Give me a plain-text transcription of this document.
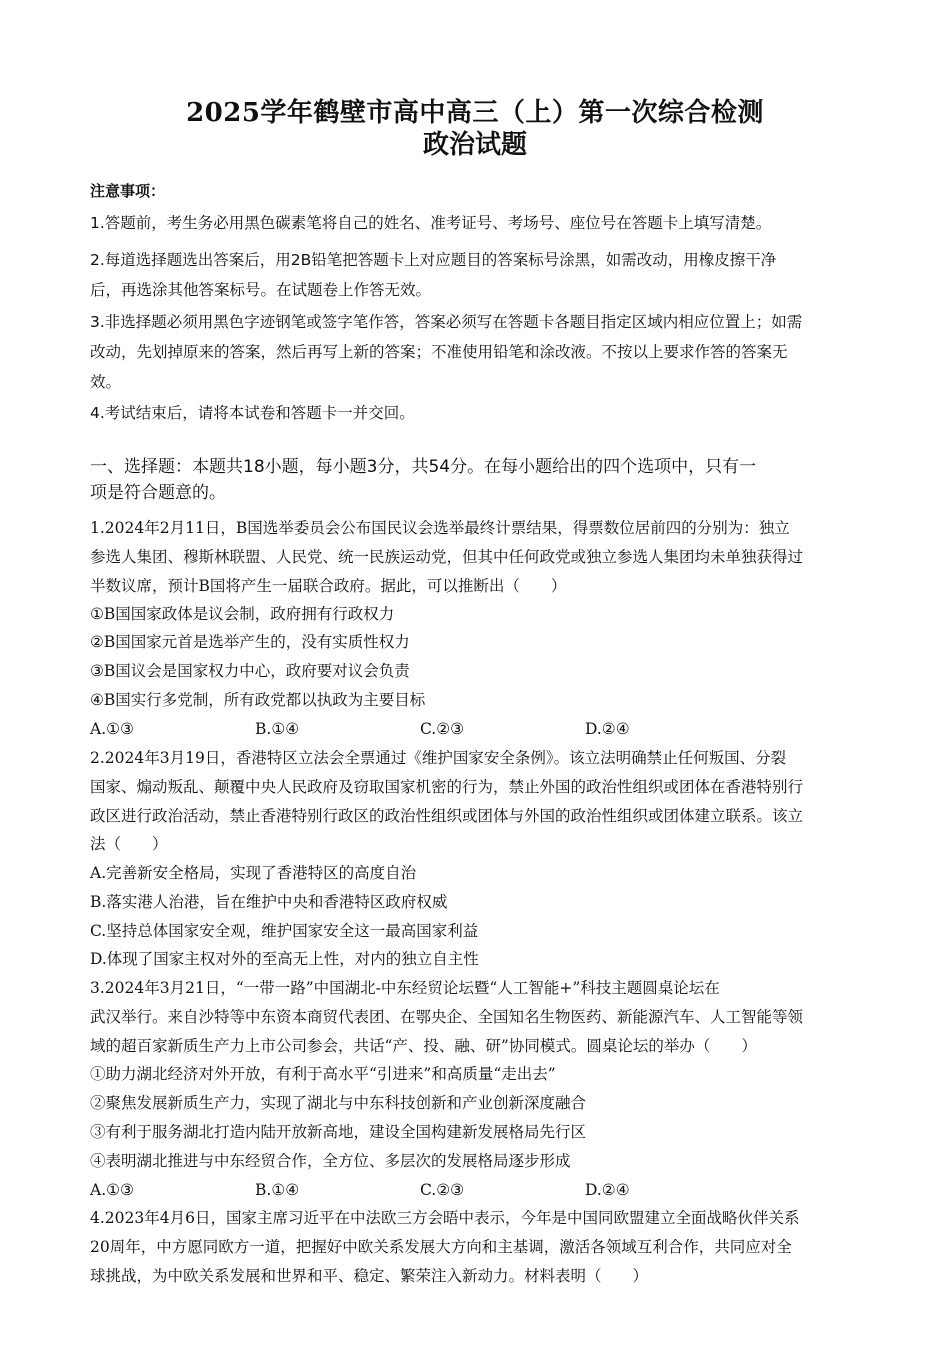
2025学年鹤壁市高中高三（上）第一次综合检测
政治试题
注意事项：
1.答题前，考生务必用黑色碳素笔将自己的姓名、准考证号、考场号、座位号在答题卡上填写清楚。
2.每道选择题选出答案后，用2B铅笔把答题卡上对应题目的答案标号涂黑，如需改动，用橡皮擦干净
后，再选涂其他答案标号。在试题卷上作答无效。
3.非选择题必须用黑色字迹钢笔或签字笔作答，答案必须写在答题卡各题目指定区域内相应位置上；如需
改动，先划掉原来的答案，然后再写上新的答案；不准使用铅笔和涂改液。不按以上要求作答的答案无
效。
4.考试结束后，请将本试卷和答题卡一并交回。
一、选择题：本题共18小题，每小题3分，共54分。在每小题给出的四个选项中，只有一
项是符合题意的。
1.2024年2月11日，B国选举委员会公布国民议会选举最终计票结果，得票数位居前四的分别为：独立
参选人集团、穆斯林联盟、人民党、统一民族运动党，但其中任何政党或独立参选人集团均未单独获得过
半数议席，预计B国将产生一届联合政府。据此，可以推断出（　　）
①B国国家政体是议会制，政府拥有行政权力
②B国国家元首是选举产生的，没有实质性权力
③B国议会是国家权力中心，政府要对议会负责
④B国实行多党制，所有政党都以执政为主要目标
A.①③	B.①④	C.②③	D.②④
2.2024年3月19日，香港特区立法会全票通过《维护国家安全条例》。该立法明确禁止任何叛国、分裂
国家、煽动叛乱、颠覆中央人民政府及窃取国家机密的行为，禁止外国的政治性组织或团体在香港特别行
政区进行政治活动，禁止香港特别行政区的政治性组织或团体与外国的政治性组织或团体建立联系。该立
法（　　）
A.完善新安全格局，实现了香港特区的高度自治
B.落实港人治港，旨在维护中央和香港特区政府权威
C.坚持总体国家安全观，维护国家安全这一最高国家利益
D.体现了国家主权对外的至高无上性，对内的独立自主性
3.2024年3月21日，“一带一路”中国湖北-中东经贸论坛暨“人工智能+”科技主题圆桌论坛在
武汉举行。来自沙特等中东资本商贸代表团、在鄂央企、全国知名生物医药、新能源汽车、人工智能等领
域的超百家新质生产力上市公司参会，共话“产、投、融、研”协同模式。圆桌论坛的举办（　　）
①助力湖北经济对外开放，有利于高水平“引进来”和高质量“走出去”
②聚焦发展新质生产力，实现了湖北与中东科技创新和产业创新深度融合
③有利于服务湖北打造内陆开放新高地，建设全国构建新发展格局先行区
④表明湖北推进与中东经贸合作，全方位、多层次的发展格局逐步形成
A.①③	B.①④	C.②③	D.②④
4.2023年4月6日，国家主席习近平在中法欧三方会晤中表示，今年是中国同欧盟建立全面战略伙伴关系
20周年，中方愿同欧方一道，把握好中欧关系发展大方向和主基调，激活各领域互利合作，共同应对全
球挑战，为中欧关系发展和世界和平、稳定、繁荣注入新动力。材料表明（　　）
